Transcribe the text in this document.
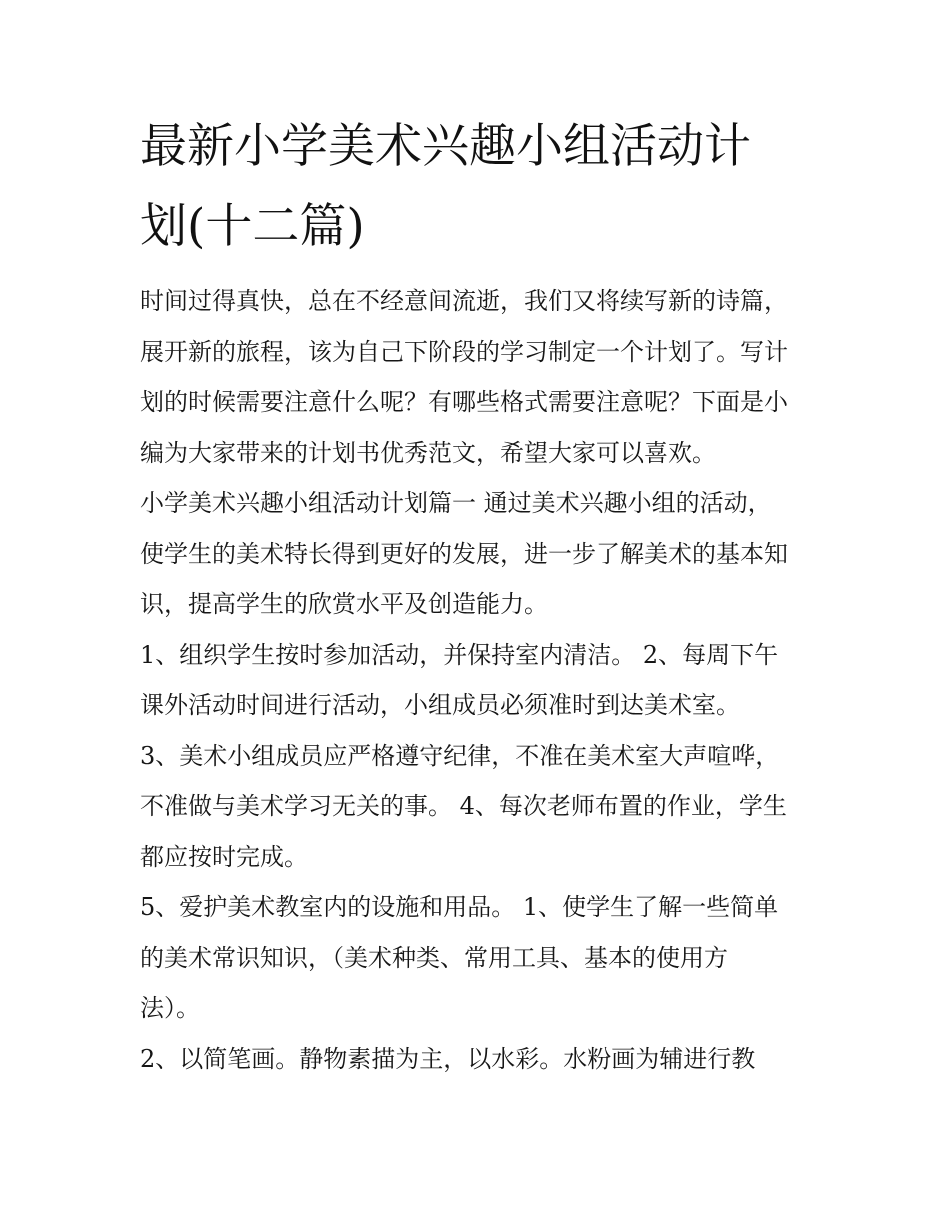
最新小学美术兴趣小组活动计
划(十二篇)
时间过得真快，总在不经意间流逝，我们又将续写新的诗篇，
展开新的旅程，该为自己下阶段的学习制定一个计划了。写计
划的时候需要注意什么呢？有哪些格式需要注意呢？下面是小
编为大家带来的计划书优秀范文，希望大家可以喜欢。
小学美术兴趣小组活动计划篇一 通过美术兴趣小组的活动，
使学生的美术特长得到更好的发展，进一步了解美术的基本知
识，提高学生的欣赏水平及创造能力。
1、组织学生按时参加活动，并保持室内清洁。 2、每周下午
课外活动时间进行活动，小组成员必须准时到达美术室。
3、美术小组成员应严格遵守纪律，不准在美术室大声喧哗，
不准做与美术学习无关的事。 4、每次老师布置的作业，学生
都应按时完成。
5、爱护美术教室内的设施和用品。 1、使学生了解一些简单
的美术常识知识，（美术种类、常用工具、基本的使用方
法）。
2、以简笔画。静物素描为主，以水彩。水粉画为辅进行教
